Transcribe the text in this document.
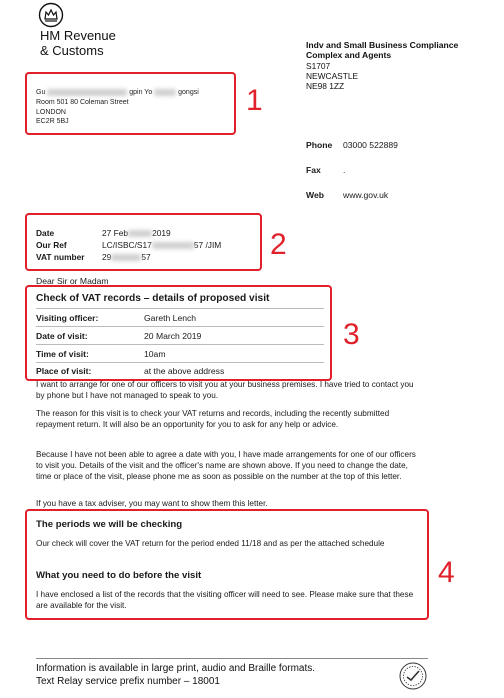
HM Revenue
& Customs	Indv and Small Business Compliance
Complex and Agents
S1707
NEWCASTLE
NE98 1ZZ
Gu	gpin Yo	gongsi
Room 501 80 Coleman Street
LONDON
EC2R 5BJ
Phone 03000 522889
Fax	.
Web www.gov.uk
Date	27 Feb	2019
Our Ref	LC/ISBC/S17	57 /JIM
VAT number 29	57
Dear Sir or Madam
Check of VAT records – details of proposed visit
Visiting officer:	Gareth Lench
Date of visit:	20 March 2019
Time of visit:	10am
Place of visit:	at the above address
I want to arrange for one of our officers to visit you at your business premises. I have tried to contact you by phone but I have not managed to speak to you.
The reason for this visit is to check your VAT returns and records, including the recently submitted repayment return. It will also be an opportunity for you to ask for any help or advice.
Because I have not been able to agree a date with you, I have made arrangements for one of our officers to visit you. Details of the visit and the officer's name are shown above. If you need to change the date, time or place of the visit, please phone me as soon as possible on the number at the top of this letter.
If you have a tax adviser, you may want to show them this letter.
The periods we will be checking
Our check will cover the VAT return for the period ended 11/18 and as per the attached schedule
What you need to do before the visit
I have enclosed a list of the records that the visiting officer will need to see. Please make sure that these are available for the visit.
Information is available in large print, audio and Braille formats.
Text Relay service prefix number – 18001
1
2
3
4
